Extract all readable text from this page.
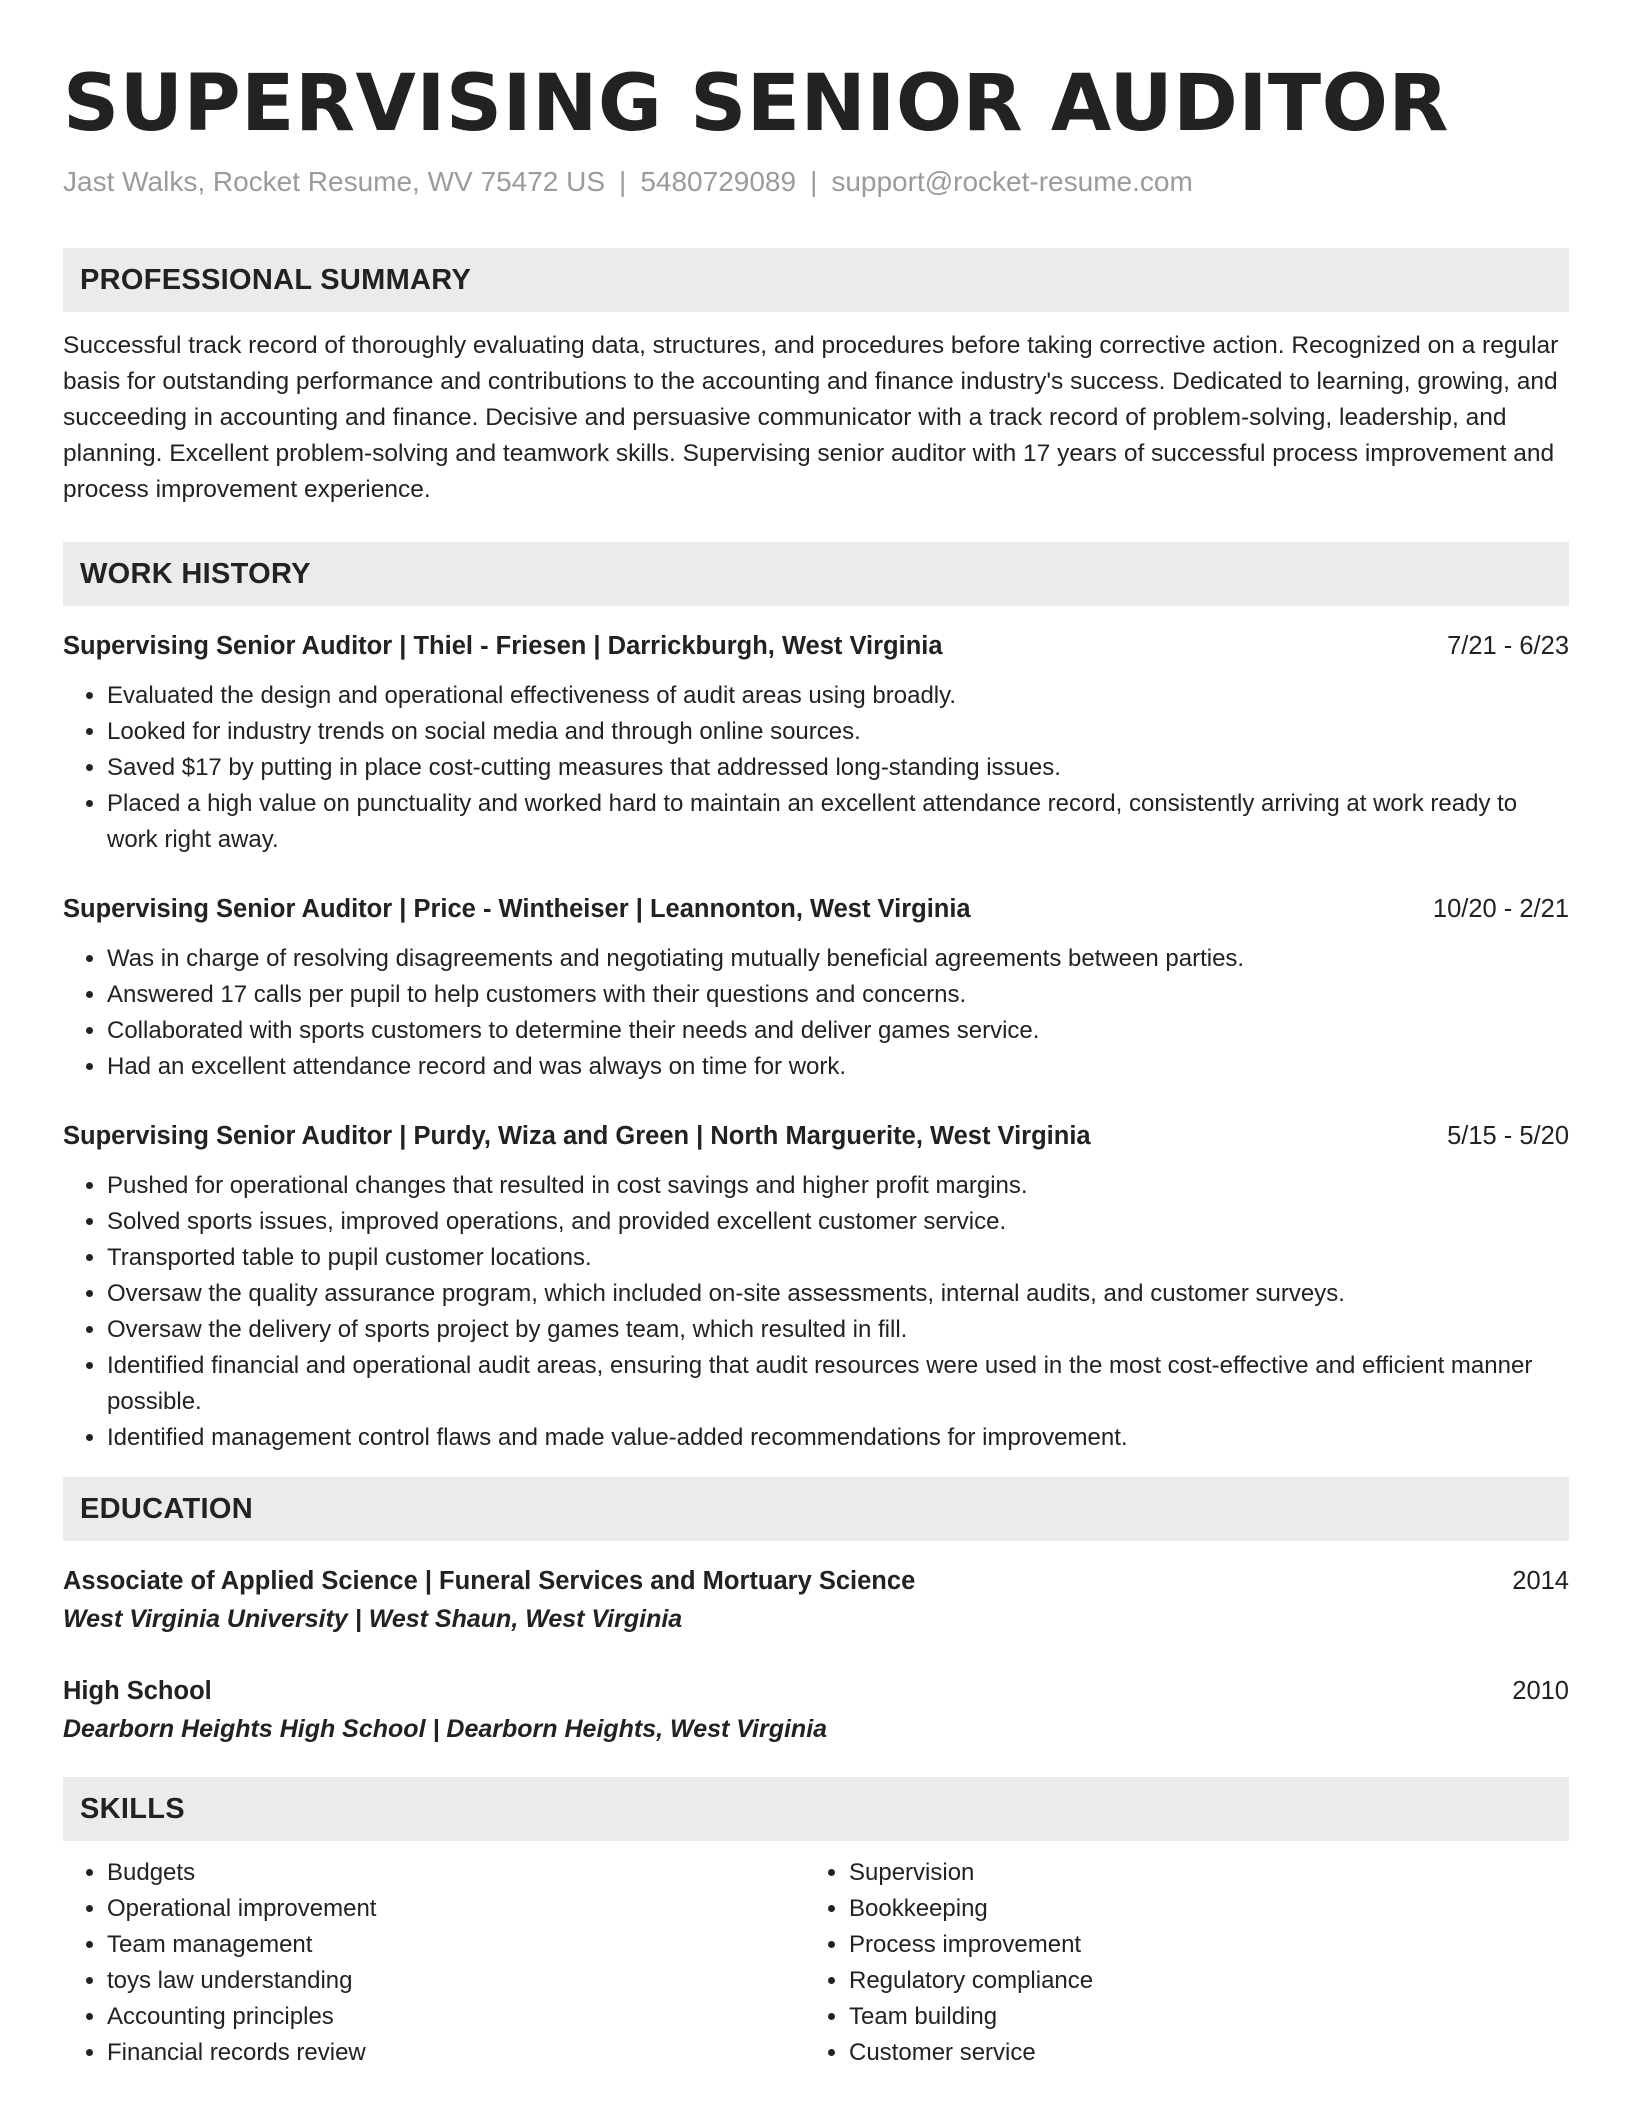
SUPERVISING SENIOR AUDITOR
Jast Walks, Rocket Resume, WV 75472 US | 5480729089 | support@rocket-resume.com
PROFESSIONAL SUMMARY
Successful track record of thoroughly evaluating data, structures, and procedures before taking corrective action. Recognized on a regular basis for outstanding performance and contributions to the accounting and finance industry's success. Dedicated to learning, growing, and succeeding in accounting and finance. Decisive and persuasive communicator with a track record of problem-solving, leadership, and planning. Excellent problem-solving and teamwork skills. Supervising senior auditor with 17 years of successful process improvement and process improvement experience.
WORK HISTORY
Supervising Senior Auditor | Thiel - Friesen | Darrickburgh, West Virginia	7/21 - 6/23
• Evaluated the design and operational effectiveness of audit areas using broadly.
• Looked for industry trends on social media and through online sources.
• Saved $17 by putting in place cost-cutting measures that addressed long-standing issues.
• Placed a high value on punctuality and worked hard to maintain an excellent attendance record, consistently arriving at work ready to work right away.
Supervising Senior Auditor | Price - Wintheiser | Leannonton, West Virginia	10/20 - 2/21
• Was in charge of resolving disagreements and negotiating mutually beneficial agreements between parties.
• Answered 17 calls per pupil to help customers with their questions and concerns.
• Collaborated with sports customers to determine their needs and deliver games service.
• Had an excellent attendance record and was always on time for work.
Supervising Senior Auditor | Purdy, Wiza and Green | North Marguerite, West Virginia	5/15 - 5/20
• Pushed for operational changes that resulted in cost savings and higher profit margins.
• Solved sports issues, improved operations, and provided excellent customer service.
• Transported table to pupil customer locations.
• Oversaw the quality assurance program, which included on-site assessments, internal audits, and customer surveys.
• Oversaw the delivery of sports project by games team, which resulted in fill.
• Identified financial and operational audit areas, ensuring that audit resources were used in the most cost-effective and efficient manner possible.
• Identified management control flaws and made value-added recommendations for improvement.
EDUCATION
Associate of Applied Science | Funeral Services and Mortuary Science	2014
West Virginia University | West Shaun, West Virginia
High School	2010
Dearborn Heights High School | Dearborn Heights, West Virginia
SKILLS
• Budgets
• Operational improvement
• Team management
• toys law understanding
• Accounting principles
• Financial records review
• Supervision
• Bookkeeping
• Process improvement
• Regulatory compliance
• Team building
• Customer service
